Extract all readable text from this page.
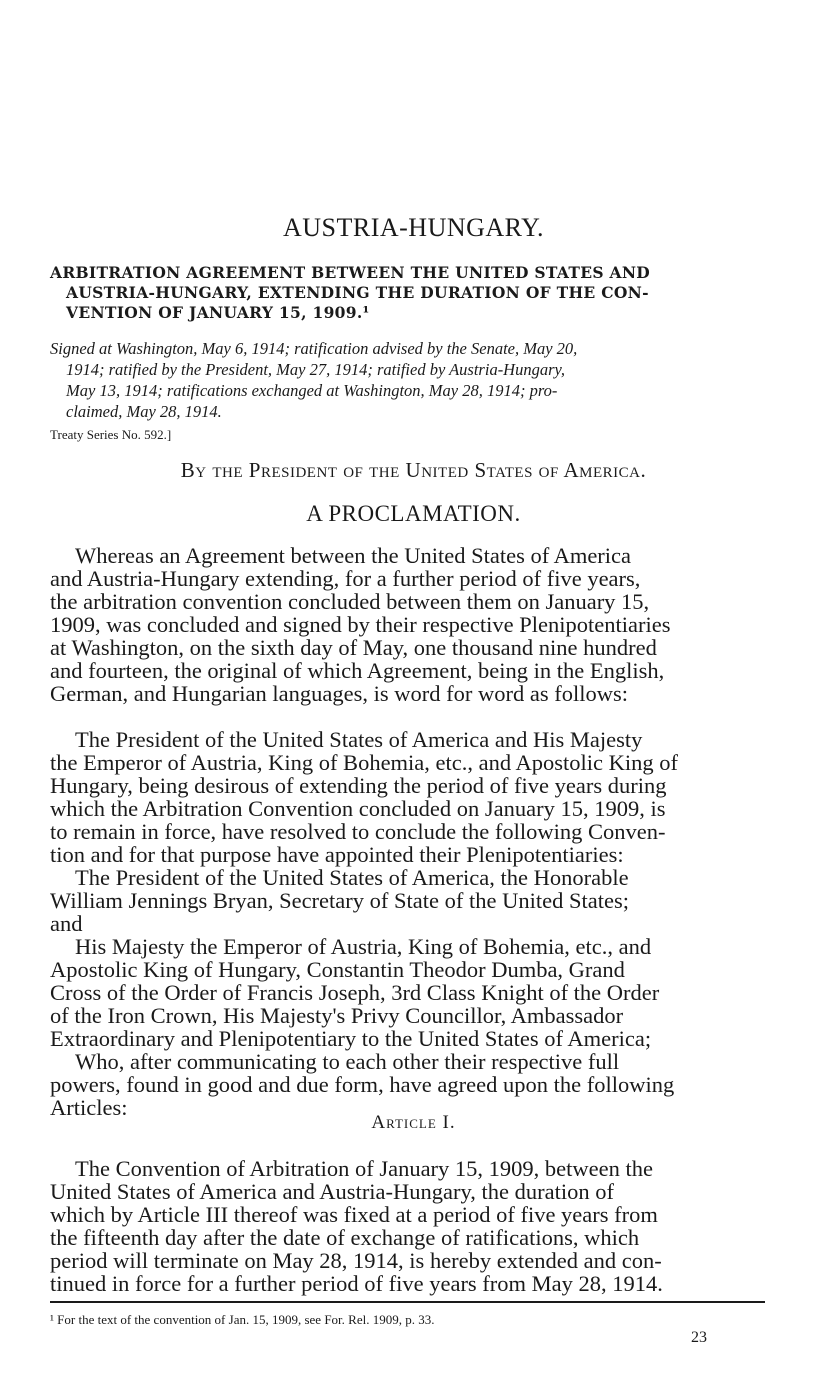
AUSTRIA-HUNGARY.
ARBITRATION AGREEMENT BETWEEN THE UNITED STATES AND
AUSTRIA-HUNGARY, EXTENDING THE DURATION OF THE CON-
VENTION OF JANUARY 15, 1909.¹
Signed at Washington, May 6, 1914; ratification advised by the Senate, May 20,
1914; ratified by the President, May 27, 1914; ratified by Austria-Hungary,
May 13, 1914; ratifications exchanged at Washington, May 28, 1914; pro-
claimed, May 28, 1914.
Treaty Series No. 592.]
By the President of the United States of America.
A PROCLAMATION.
Whereas an Agreement between the United States of America
and Austria-Hungary extending, for a further period of five years,
the arbitration convention concluded between them on January 15,
1909, was concluded and signed by their respective Plenipotentiaries
at Washington, on the sixth day of May, one thousand nine hundred
and fourteen, the original of which Agreement, being in the English,
German, and Hungarian languages, is word for word as follows:
The President of the United States of America and His Majesty
the Emperor of Austria, King of Bohemia, etc., and Apostolic King of
Hungary, being desirous of extending the period of five years during
which the Arbitration Convention concluded on January 15, 1909, is
to remain in force, have resolved to conclude the following Conven-
tion and for that purpose have appointed their Plenipotentiaries:
The President of the United States of America, the Honorable
William Jennings Bryan, Secretary of State of the United States;
and
His Majesty the Emperor of Austria, King of Bohemia, etc., and
Apostolic King of Hungary, Constantin Theodor Dumba, Grand
Cross of the Order of Francis Joseph, 3rd Class Knight of the Order
of the Iron Crown, His Majesty's Privy Councillor, Ambassador
Extraordinary and Plenipotentiary to the United States of America;
Who, after communicating to each other their respective full
powers, found in good and due form, have agreed upon the following
Articles:
Article I.
The Convention of Arbitration of January 15, 1909, between the
United States of America and Austria-Hungary, the duration of
which by Article III thereof was fixed at a period of five years from
the fifteenth day after the date of exchange of ratifications, which
period will terminate on May 28, 1914, is hereby extended and con-
tinued in force for a further period of five years from May 28, 1914.
¹ For the text of the convention of Jan. 15, 1909, see For. Rel. 1909, p. 33.
23
